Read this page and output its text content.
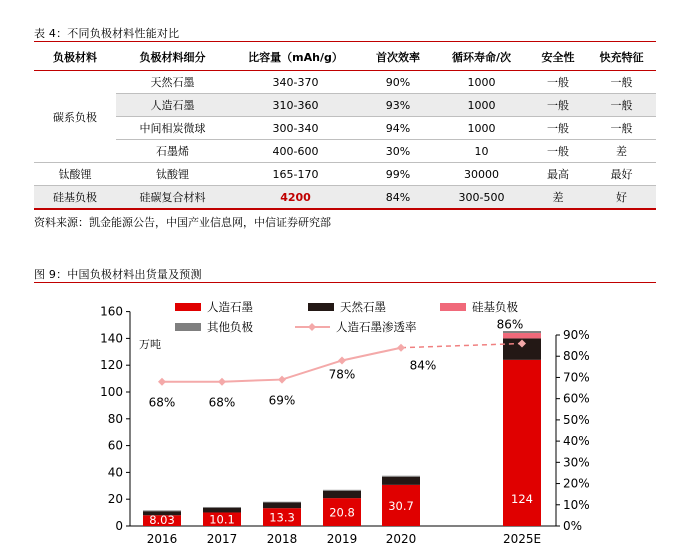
表 4：不同负极材料性能对比
负极材料	负极材料细分	比容量（mAh/g）	首次效率	循环寿命/次	安全性	快充特征
碳系负极	天然石墨	340-370	90%	1000	一般	一般
	人造石墨	310-360	93%	1000	一般	一般
	中间相炭微球	300-340	94%	1000	一般	一般
	石墨烯	400-600	30%	10	一般	差
钛酸锂	钛酸锂	165-170	99%	30000	最高	最好
硅基负极	硅碳复合材料	4200	84%	300-500	差	好
资料来源：凯金能源公告，中国产业信息网，中信证券研究部
图 9：中国负极材料出货量及预测
人造石墨	天然石墨	硅基负极
其他负极	人造石墨渗透率
0
20
40
60
80
100
120
140
160
0%
10%
20%
30%
40%
50%
60%
70%
80%
90%
2016 2017 2018 2019 2020	2025E
8.03	10.1	13.3	20.8	30.7
124
68%	68%	69%
78%
84%
86%
万吨
